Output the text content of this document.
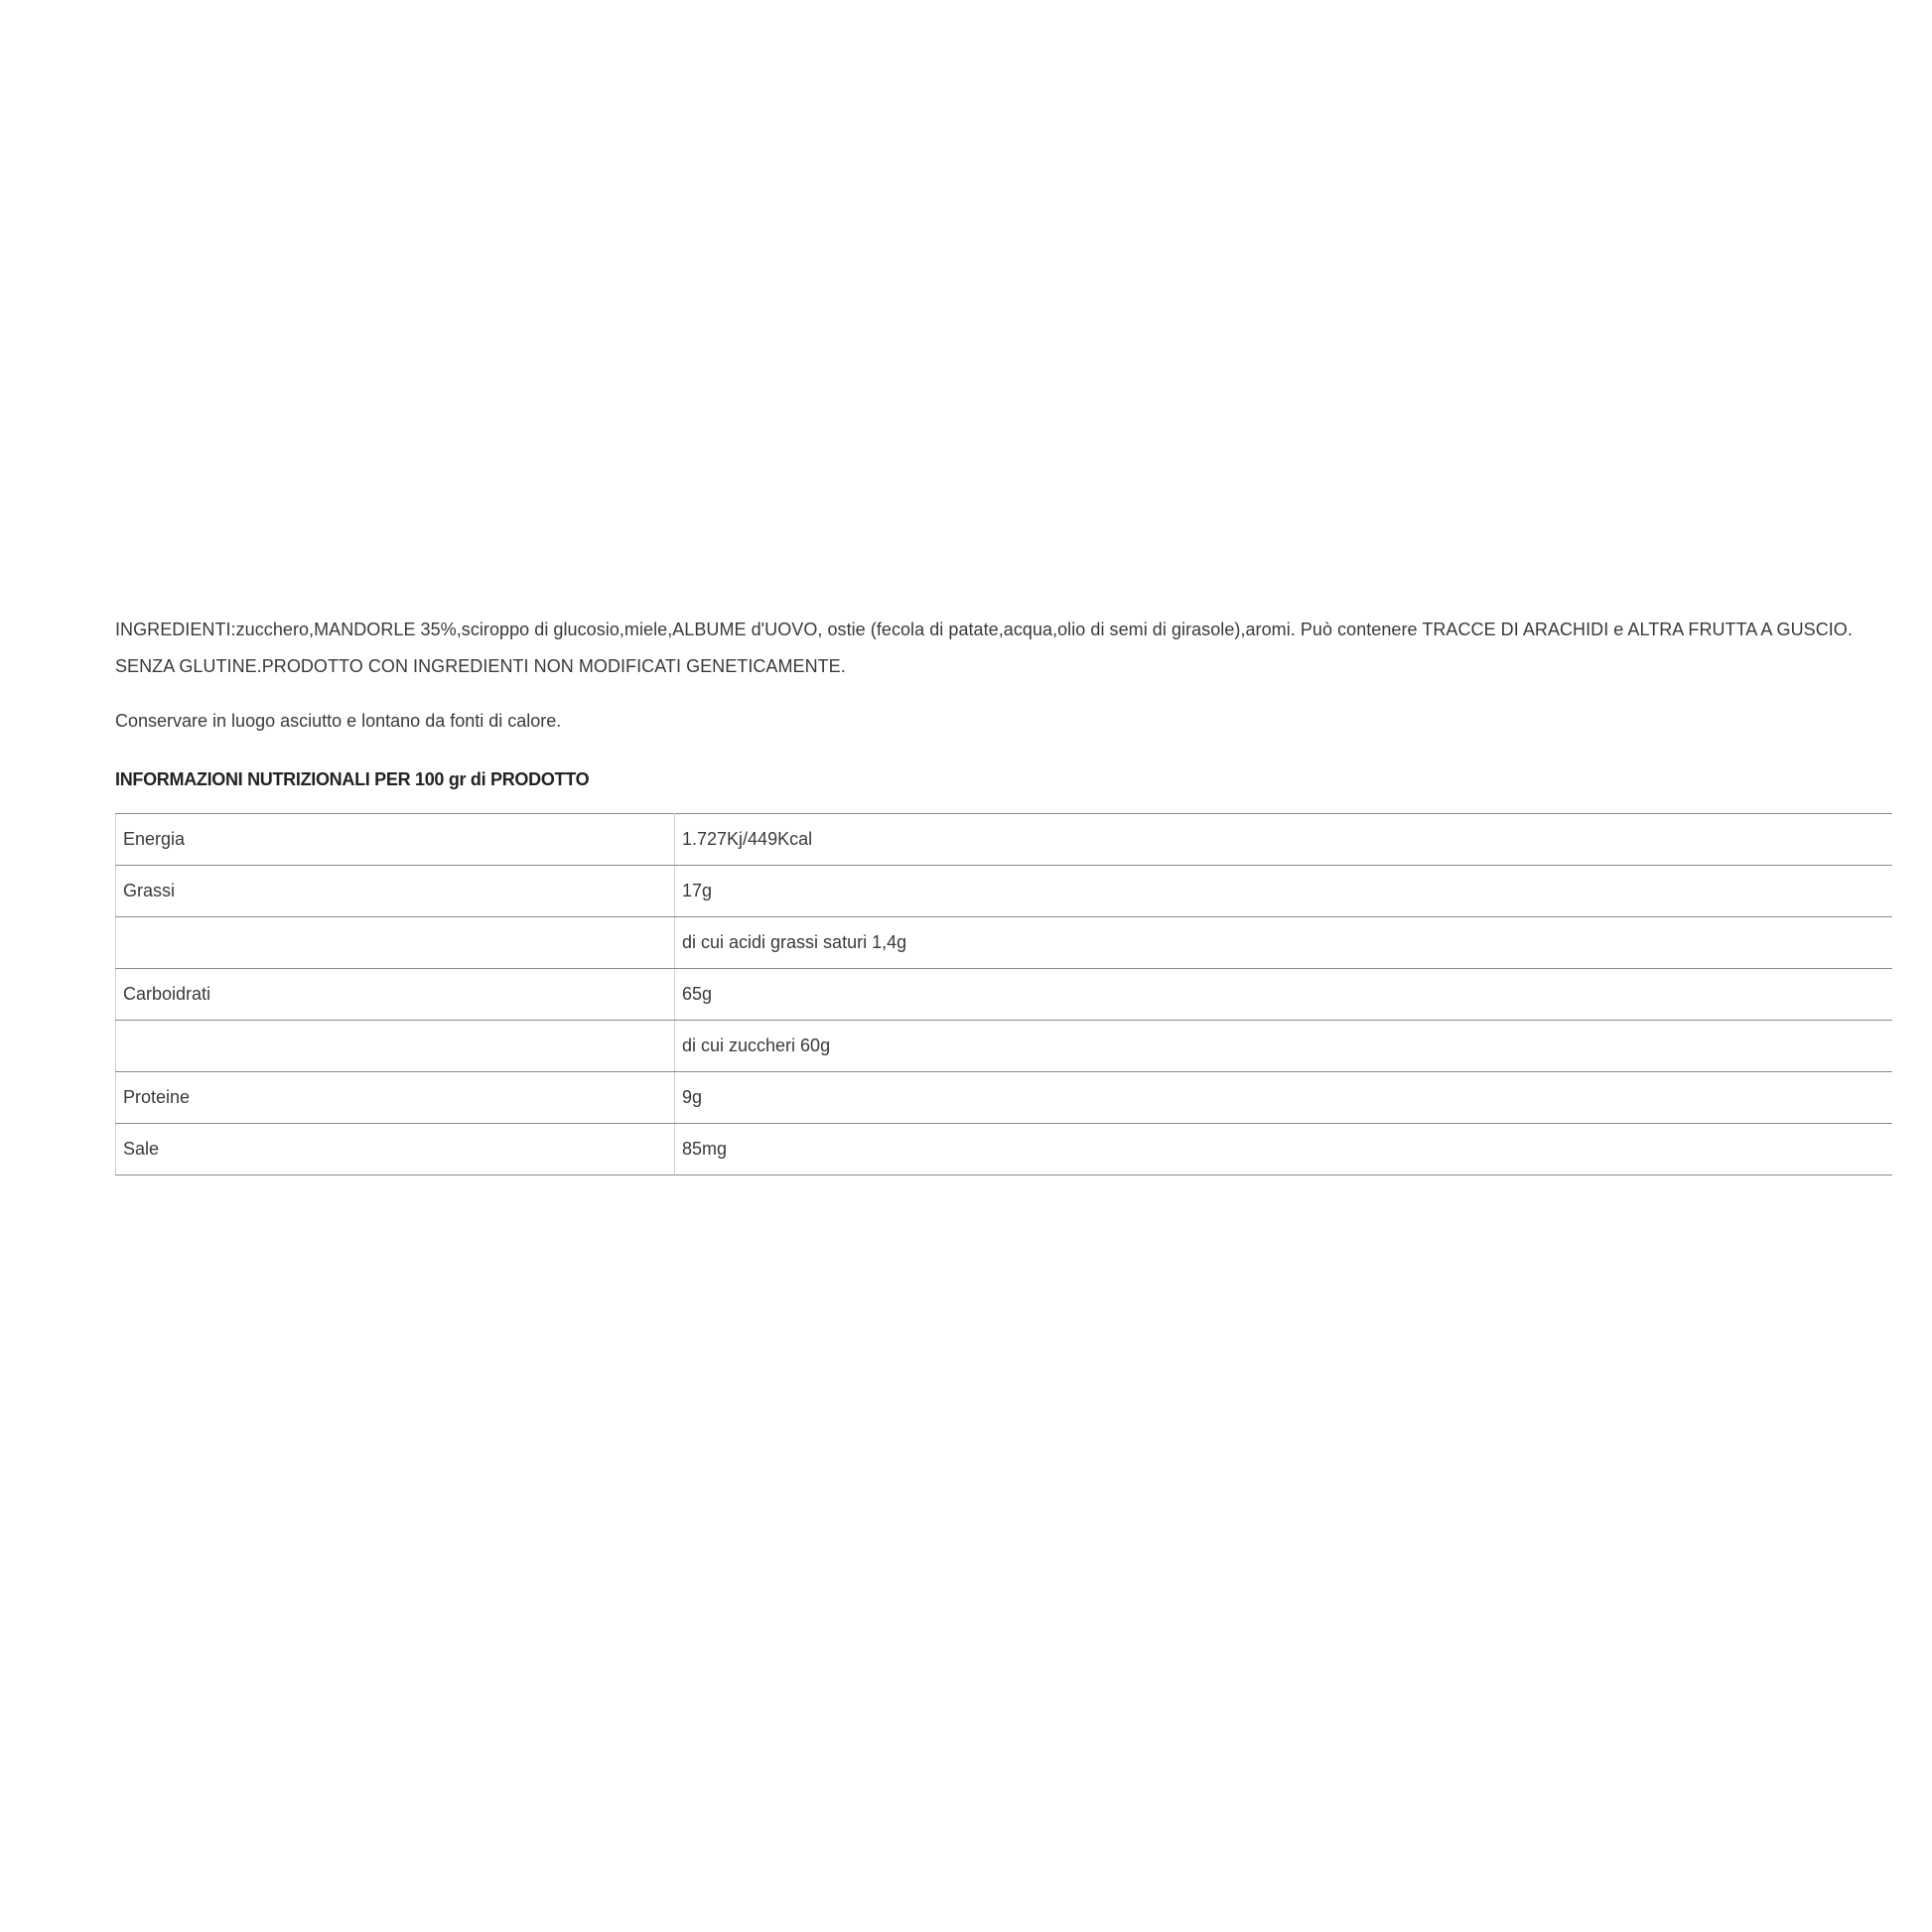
INGREDIENTI:zucchero,MANDORLE 35%,sciroppo di glucosio,miele,ALBUME d'UOVO, ostie (fecola di patate,acqua,olio di semi di girasole),aromi. Può contenere TRACCE DI ARACHIDI e ALTRA FRUTTA A GUSCIO. SENZA GLUTINE.PRODOTTO CON INGREDIENTI NON MODIFICATI GENETICAMENTE.

Conservare in luogo asciutto e lontano da fonti di calore.

INFORMAZIONI NUTRIZIONALI PER 100 gr di PRODOTTO

Energia	1.727Kj/449Kcal
Grassi	17g
	di cui acidi grassi saturi 1,4g
Carboidrati	65g
	di cui zuccheri 60g
Proteine	9g
Sale	85mg
